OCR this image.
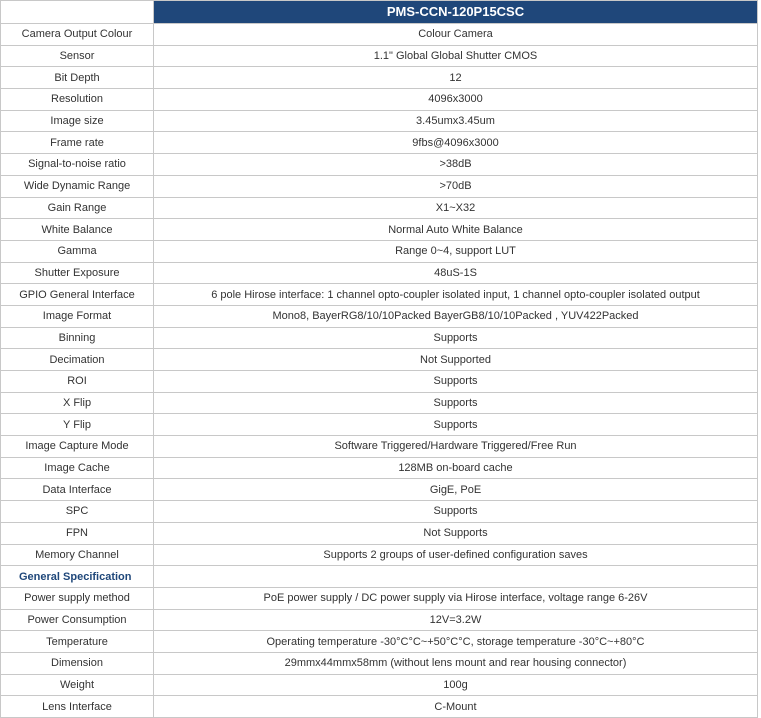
	PMS-CCN-120P15CSC
Camera Output Colour	Colour Camera
Sensor	1.1" Global Global Shutter CMOS
Bit Depth	12
Resolution	4096x3000
Image size	3.45umx3.45um
Frame rate	9fbs@4096x3000
Signal-to-noise ratio	>38dB
Wide Dynamic Range	>70dB
Gain Range	X1~X32
White Balance	Normal Auto White Balance
Gamma	Range 0~4, support LUT
Shutter Exposure	48uS-1S
GPIO General Interface	6 pole Hirose interface: 1 channel opto-coupler isolated input, 1 channel opto-coupler isolated output
Image Format	Mono8, BayerRG8/10/10Packed BayerGB8/10/10Packed , YUV422Packed
Binning	Supports
Decimation	Not Supported
ROI	Supports
X Flip	Supports
Y Flip	Supports
Image Capture Mode	Software Triggered/Hardware Triggered/Free Run
Image Cache	128MB on-board cache
Data Interface	GigE, PoE
SPC	Supports
FPN	Not Supports
Memory Channel	Supports 2 groups of user-defined configuration saves
General Specification	
Power supply method	PoE power supply / DC power supply via Hirose interface, voltage range 6-26V
Power Consumption	12V=3.2W
Temperature	Operating temperature -30°C°C~+50°C°C, storage temperature -30°C~+80°C
Dimension	29mmx44mmx58mm (without lens mount and rear housing connector)
Weight	100g
Lens Interface	C-Mount
